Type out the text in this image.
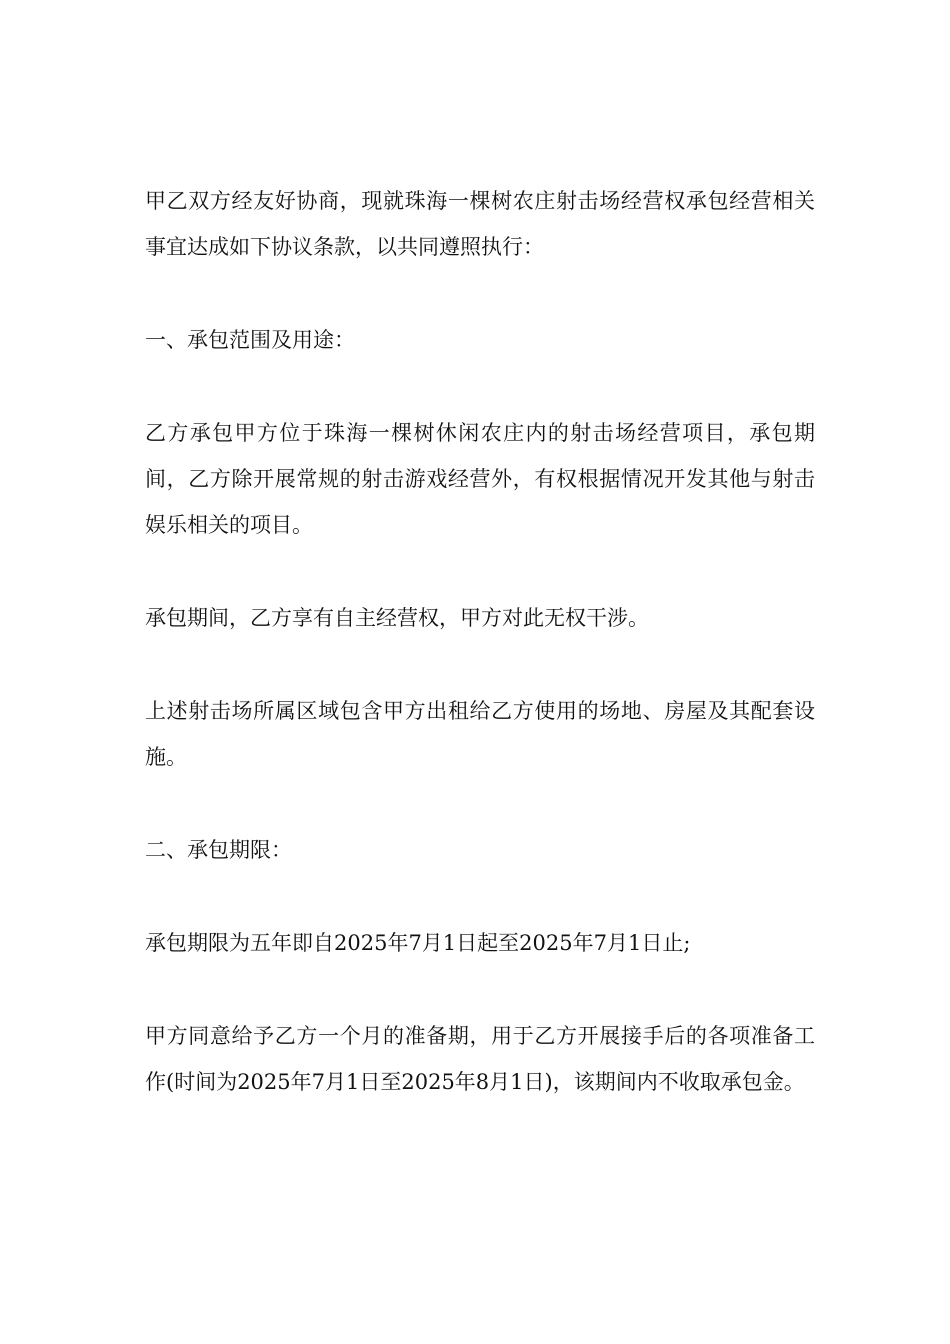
甲乙双方经友好协商，现就珠海一棵树农庄射击场经营权承包经营相关事宜达成如下协议条款，以共同遵照执行：

一、承包范围及用途：

乙方承包甲方位于珠海一棵树休闲农庄内的射击场经营项目，承包期间，乙方除开展常规的射击游戏经营外，有权根据情况开发其他与射击娱乐相关的项目。

承包期间，乙方享有自主经营权，甲方对此无权干涉。

上述射击场所属区域包含甲方出租给乙方使用的场地、房屋及其配套设施。

二、承包期限：

承包期限为五年即自2025年7月1日起至2025年7月1日止;

甲方同意给予乙方一个月的准备期，用于乙方开展接手后的各项准备工作(时间为2025年7月1日至2025年8月1日)，该期间内不收取承包金。
